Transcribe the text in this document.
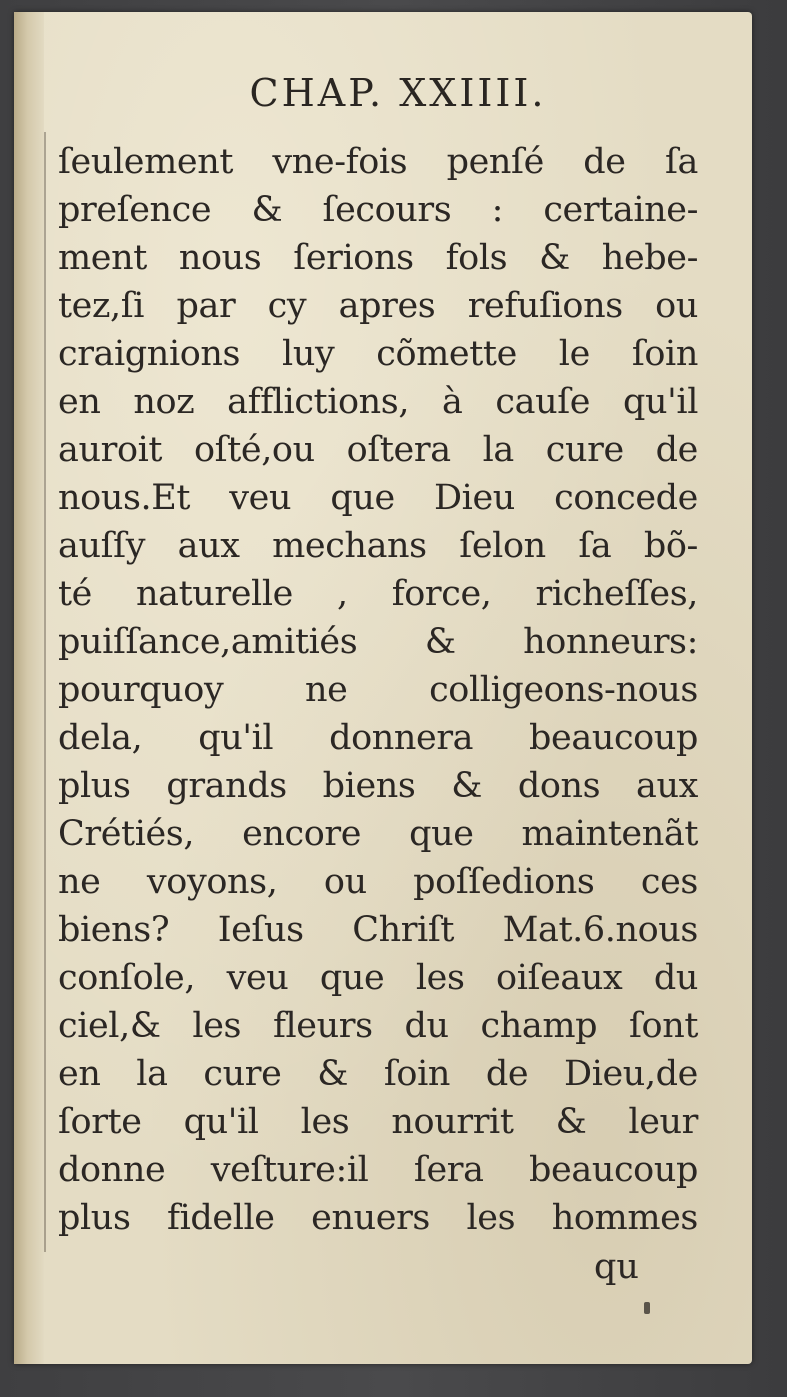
CHAP. XXIIII.
ſeulement vne-fois penſé de ſa
preſence & ſecours : certaine-
ment nous ſerions fols & hebe-
tez,ſi par cy apres refuſions ou
craignions luy cõmette le ſoin
en noz afflictions, à cauſe qu'il
auroit oſté,ou oſtera la cure de
nous.Et veu que Dieu concede
auſſy aux mechans ſelon ſa bõ-
té naturelle , force, richeſſes,
puiſſance,amitiés & honneurs:
pourquoy ne colligeons-nous
dela, qu'il donnera beaucoup
plus grands biens & dons aux
Crétiés, encore que maintenãt
ne voyons, ou poſſedions ces
biens? Ieſus Chriſt Mat.6.nous
conſole, veu que les oiſeaux du
ciel,& les fleurs du champ ſont
en la cure & ſoin de Dieu,de
ſorte qu'il les nourrit & leur
donne veſture:il ſera beaucoup
plus fidelle enuers les hommes
qu
